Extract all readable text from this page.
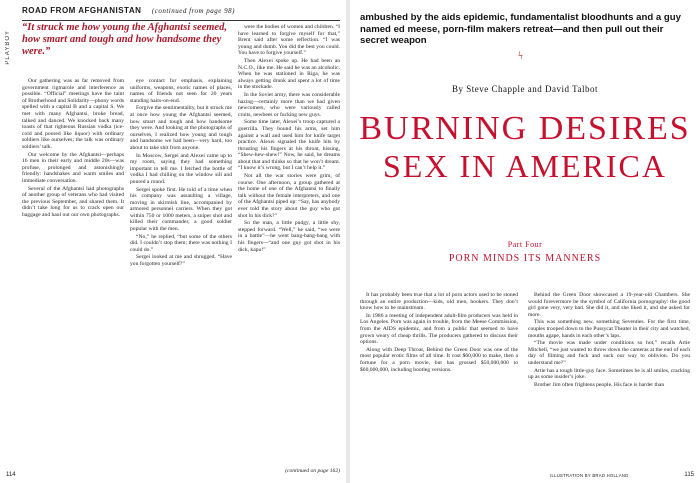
ROAD FROM AFGHANISTAN (continued from page 98)
PLAYBOY
“It struck me how young the Afghantsi seemed, how smart and tough and how handsome they were.”

Our gathering was as far removed from government rigmarole and interference as possible. “Official” meetings have the taint of Brotherhood and Solidarity—phony words spelled with a capital B and a capital S. We met with many Afghantsi, broke bread, talked and danced. We knocked back many toasts of that righteous Russian vodka (ice-cold and poured like liquor) with ordinary soldiers like ourselves; the talk was ordinary soldiers’ talk.

Our welcome by the Afghantsi—perhaps 16 men in their early and middle 20s—was profuse, prolonged and astonishingly friendly: handshakes and warm smiles and immediate conversation.

Several of the Afghantsi had photographs of another group of veterans who had visited the previous September, and shared them. It didn’t take long for us to crack open our baggage and haul out our own photographs.

eye contact for emphasis, explaining uniforms, weapons, exotic names of places, names of friends not seen for 20 years standing hairs-on-end.

Forgive the sentimentality, but it struck me at once how young the Afghantsi seemed, how smart and tough and how handsome they were. And looking at the photographs of ourselves, I realized how young and tough and handsome we had been—very hard, too about to take shit from anyone.

In Moscow, Sergei and Alexei came up to my room, saying they had something important to tell me. I fetched the bottle of vodka I had chilling on the window sill and poured a round.

Sergei spoke first. He told of a time when his company was assaulting a village, moving in skirmish line, accompanied by armored personnel carriers. When they got within 750 or 1000 meters, a sniper shot and killed their commander, a good soldier popular with the men.

“No,” he replied, “but some of the others did. I couldn’t stop them; there was nothing I could do.”

Sergei looked at me and shrugged. “Have you forgotten yourself?”

were the bodies of women and children. “I have learned to forgive myself for that,” Brent said after some reflection. “I was young and dumb. You did the best you could. You have to forgive yourself.”

Then Alexei spoke up. He had been an N.C.O., like me. He said he was an alcoholic. When he was stationed in Riga, he was always getting drunk and spent a lot of time in the stockade.

In the Soviet army, there was considerable hazing—certainly more than we had given newcomers, who were variously called cruits, newbees or fucking new guys.

Some time later, Alexei’s troop captured a guerrilla. They bound his arms, set him against a wall and used him for knife target practice. Alexei signaled the knife hits by thrusting his fingers at his throat, hissing, “Shew-hew-shew!” Now, he said, he dreams about that and thinks so that he won’t dream. “I know it’s wrong, but I can’t help it.”

Not all the war stories were grim, of course. One afternoon, a group gathered at the home of one of the Afghantsi to finally talk without the female interpreters, and one of the Afghantsi piped up: “Say, has anybody ever told the story about the guy who got shot in his dick?”

So the man, a little pudgy, a little shy, stepped forward. “Well,” he said, “we were in a battle”—he went bang-bang-bang with his fingers—“and one guy got shot in his dick, kapu!”

(continued on page 162)
114
ambushed by the aids epidemic, fundamentalist bloodhunts and a guy named ed meese, porn-film makers retreat—and then pull out their secret weapon
ϟ
By Steve Chapple and David Talbot
BURNING DESIRES
SEX IN AMERICA
Part Four
PORN MINDS ITS MANNERS

It has probably been true that a lot of porn actors used to be stoned through an entire production—kids, old men, hookers. They don’t know how to be mainstream.

In 1986 a meeting of independent adult-film producers was held in Los Angeles. Porn was again in trouble, from the Meese Commission, from the AIDS epidemic, and from a public that seemed to have grown weary of cheap thrills. The producers gathered to discuss their options.

Along with Deep Throat, Behind the Green Door was one of the most popular erotic films of all time. It cost $60,000 to make, then a fortune for a porn movie, but has grossed $50,000,000 to $60,000,000, including bootleg versions.

Behind the Green Door showcased a 19-year-old Chambers. She would forevermore be the symbol of California pornography: the good girl gone very, very bad. She did it, and she liked it, and she asked for more.

This was something new, something Seventies. For the first time, couples trooped down to the Pussycat Theater in their city and watched, mouths agape, hands in each other’s laps.

“The movie was made under conditions so hot,” recalls Artie Mitchell, “we just wanted to throw down the cameras at the end of each day of filming and fuck and suck our way to oblivion. Do you understand me?”

Artie has a tough little-guy face. Sometimes he is all smiles, cracking up as some insider’s joke.

Brother Jim often frightens people. His face is harder than

ILLUSTRATION BY BRAD HOLLAND	115
